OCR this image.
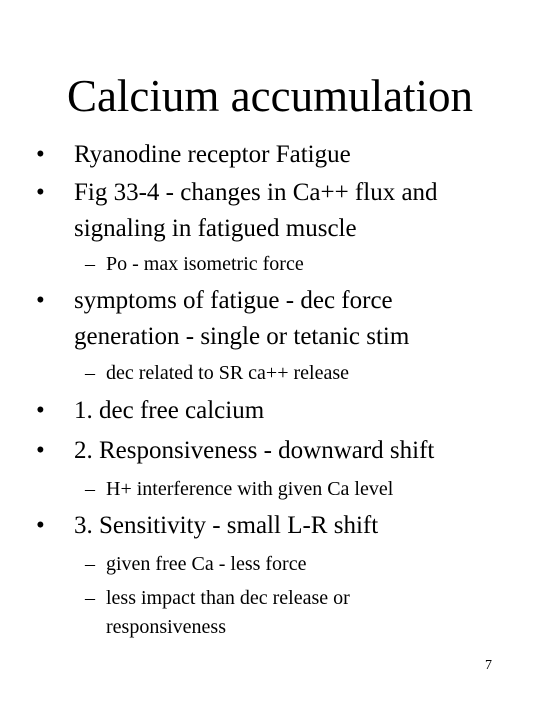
Calcium accumulation
•	Ryanodine receptor Fatigue
•	Fig 33-4 - changes in Ca++ flux and
signaling in fatigued muscle
– Po - max isometric force
•	symptoms of fatigue - dec force
generation - single or tetanic stim
– dec related to SR ca++ release
•	1. dec free calcium
•	2. Responsiveness - downward shift
– H+ interference with given Ca level
•	3. Sensitivity - small L-R shift
– given free Ca - less force
– less impact than dec release or
responsiveness
7
